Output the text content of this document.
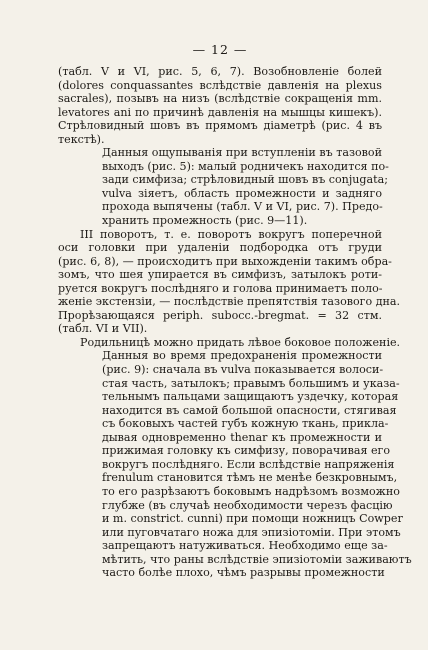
— 12 —
(табл. V и VI, рис. 5, 6, 7). Возобновленіе болей
(dolores conquassantes вслѣдствіе давленія на plexus
sacrales), позывъ на низъ (вслѣдствіе сокращенія mm.
levatores ani по причинѣ давленія на мышцы кишекъ).
Стрѣловидный шовъ въ прямомъ діаметрѣ (рис. 4 въ
текстѣ).
Данныя ощупыванія при вступленіи въ тазовой
выходъ (рис. 5): малый родничекъ находится по-
зади симфиза; стрѣловидный шовъ въ conjugata;
vulva зіяетъ, область промежности и задняго
прохода выпячены (табл. V и VI, рис. 7). Предо-
хранить промежность (рис. 9—11).
III поворотъ, т. е. поворотъ вокругъ поперечной
оси головки при удаленіи подбородка отъ груди
(рис. 6, 8), — происходитъ при выхожденіи такимъ обра-
зомъ, что шея упирается въ симфизъ, затылокъ роти-
руется вокругъ послѣдняго и голова принимаетъ поло-
женіе экстензіи, — послѣдствіе препятствія тазового дна.
Прорѣзающаяся periph. subocc.-bregmat. = 32 стм.
(табл. VI и VII).
Родильницѣ можно придать лѣвое боковое положеніе.
Данныя во время предохраненія промежности
(рис. 9): сначала въ vulva показывается волоси-
стая часть, затылокъ; правымъ большимъ и указа-
тельнымъ пальцами защищаютъ уздечку, которая
находится въ самой большой опасности, стягивая
съ боковыхъ частей губъ кожную ткань, прикла-
дывая одновременно thenar къ промежности и
прижимая головку къ симфизу, поворачивая его
вокругъ послѣдняго. Если вслѣдствіе напряженія
frenulum становится тѣмъ не менѣе безкровнымъ,
то его разрѣзаютъ боковымъ надрѣзомъ возможно
глубже (въ случаѣ необходимости черезъ фасцію
и m. constrict. cunni) при помощи ножницъ Cowper
или пуговчатаго ножа для эпизіотоміи. При этомъ
запрещаютъ натуживаться. Необходимо еще за-
мѣтить, что раны вслѣдствіе эпизіотоміи заживаютъ
часто болѣе плохо, чѣмъ разрывы промежности
